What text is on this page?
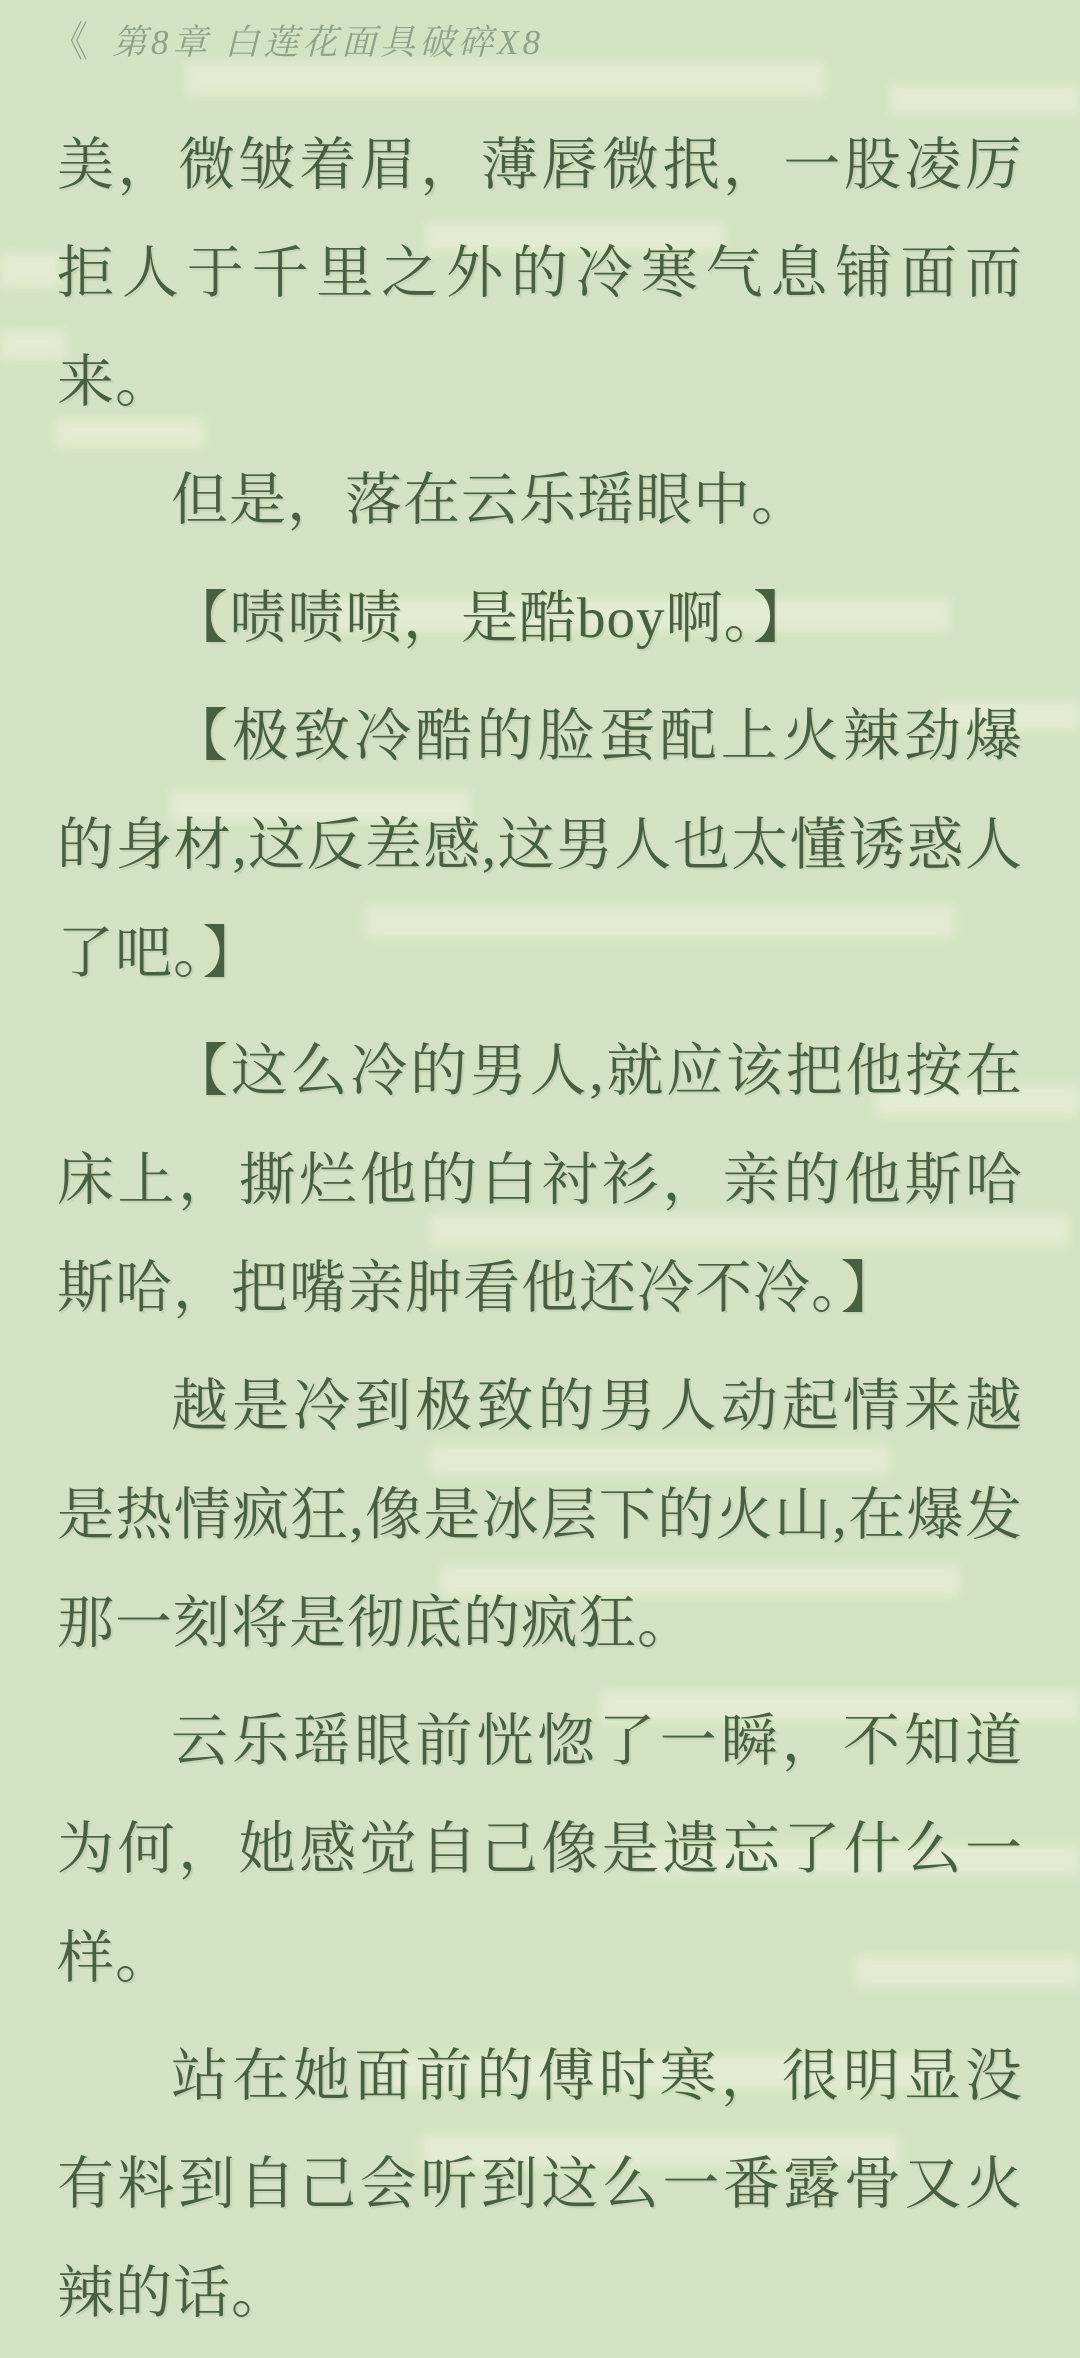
《 第8章 白莲花面具破碎X8

美，微皱着眉，薄唇微抿，一股凌厉拒人于千里之外的冷寒气息铺面而来。

但是，落在云乐瑶眼中。

【啧啧啧，是酷boy啊。】

【极致冷酷的脸蛋配上火辣劲爆的身材,这反差感,这男人也太懂诱惑人了吧。】

【这么冷的男人,就应该把他按在床上，撕烂他的白衬衫，亲的他斯哈斯哈，把嘴亲肿看他还冷不冷。】

越是冷到极致的男人动起情来越是热情疯狂,像是冰层下的火山,在爆发那一刻将是彻底的疯狂。

云乐瑶眼前恍惚了一瞬，不知道为何，她感觉自己像是遗忘了什么一样。

站在她面前的傅时寒，很明显没有料到自己会听到这么一番露骨又火辣的话。
